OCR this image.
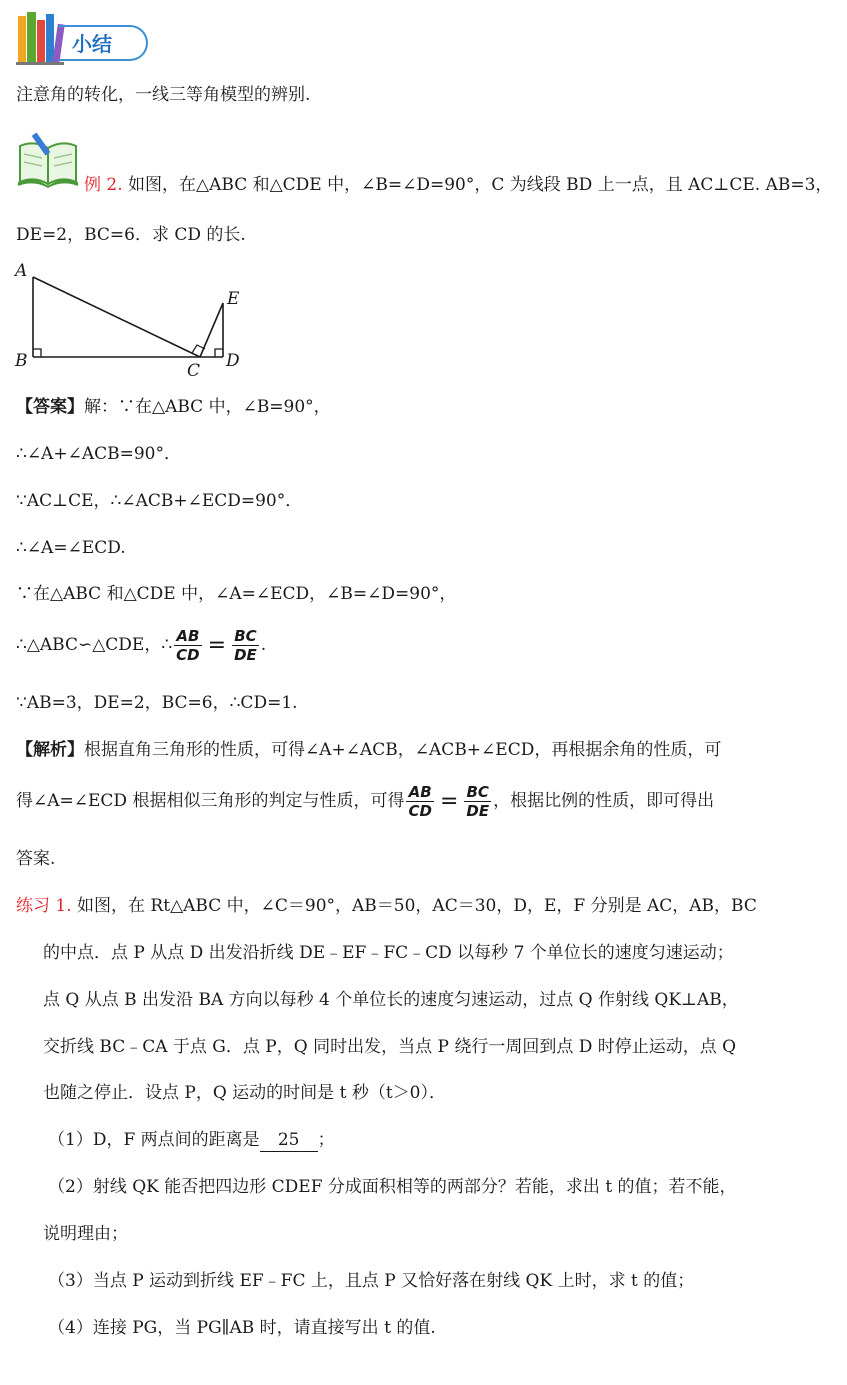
小结
注意角的转化，一线三等角模型的辨别.
例 2. 如图，在△ABC 和△CDE 中，∠B=∠D=90°，C 为线段 BD 上一点，且 AC⊥CE. AB=3，
DE=2，BC=6．求 CD 的长.
A
B	C D
E
【答案】解：∵在△ABC 中，∠B=90°，
∴∠A+∠ACB=90°．
∵AC⊥CE，∴∠ACB+∠ECD=90°．
∴∠A=∠ECD.
∵在△ABC 和△CDE 中，∠A=∠ECD，∠B=∠D=90°，
∴△ABC∽△CDE，∴ $\frac{AB}{CD} = \frac{BC}{DE}$ .
∵AB=3，DE=2，BC=6，∴CD=1.
【解析】根据直角三角形的性质，可得∠A+∠ACB，∠ACB+∠ECD，再根据余角的性质，可
得∠A=∠ECD 根据相似三角形的判定与性质，可得 $\frac{AB}{CD} = \frac{BC}{DE}$ ，根据比例的性质，即可得出
答案.
练习 1. 如图，在 Rt△ABC 中，∠C＝90°，AB＝50，AC＝30，D，E，F 分别是 AC，AB，BC
的中点．点 P 从点 D 出发沿折线 DE﹣EF﹣FC﹣CD 以每秒 7 个单位长的速度匀速运动；
点 Q 从点 B 出发沿 BA 方向以每秒 4 个单位长的速度匀速运动，过点 Q 作射线 QK⊥AB，
交折线 BC﹣CA 于点 G．点 P，Q 同时出发，当点 P 绕行一周回到点 D 时停止运动，点 Q
也随之停止．设点 P，Q 运动的时间是 t 秒（t＞0）．
（1）D，F 两点间的距离是 25 ；
（2）射线 QK 能否把四边形 CDEF 分成面积相等的两部分？若能，求出 t 的值；若不能，
说明理由；
（3）当点 P 运动到折线 EF﹣FC 上，且点 P 又恰好落在射线 QK 上时，求 t 的值；
（4）连接 PG，当 PG∥AB 时，请直接写出 t 的值.
